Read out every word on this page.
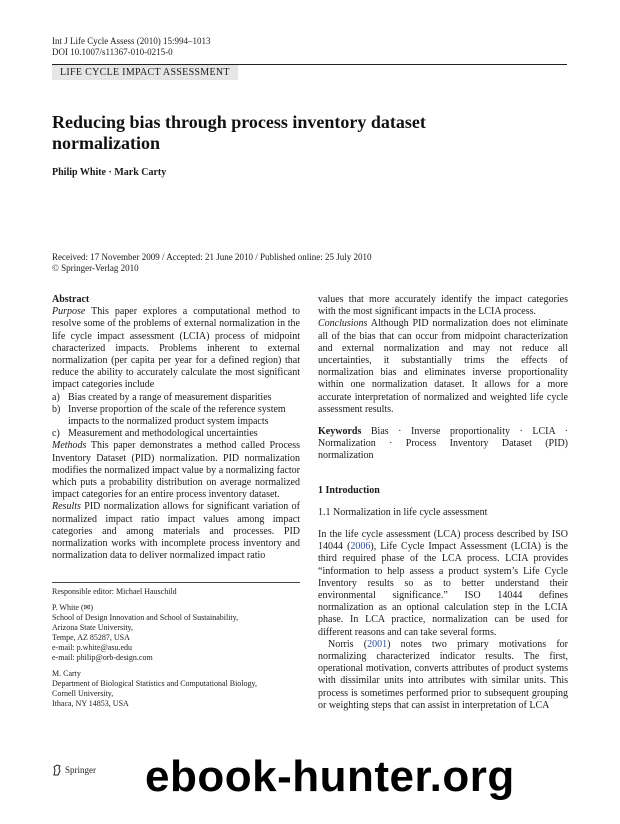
Int J Life Cycle Assess (2010) 15:994–1013
DOI 10.1007/s11367-010-0215-0
LIFE CYCLE IMPACT ASSESSMENT
Reducing bias through process inventory dataset normalization
Philip White · Mark Carty
Received: 17 November 2009 / Accepted: 21 June 2010 / Published online: 25 July 2010
© Springer-Verlag 2010

Abstract

Purpose This paper explores a computational method to resolve some of the problems of external normalization in the life cycle impact assessment (LCIA) process of midpoint characterized impacts. Problems inherent to external normalization (per capita per year for a defined region) that reduce the ability to accurately calculate the most significant impact categories include

a) Bias created by a range of measurement disparities
b) Inverse proportion of the scale of the reference system impacts to the normalized product system impacts
c) Measurement and methodological uncertainties

Methods This paper demonstrates a method called Process Inventory Dataset (PID) normalization. PID normalization modifies the normalized impact value by a normalizing factor which puts a probability distribution on average normalized impact categories for an entire process inventory dataset.

Results PID normalization allows for significant variation of normalized impact ratio impact values among impact categories and among materials and processes. PID normalization works with incomplete process inventory and normalization data to deliver normalized impact ratio

Responsible editor: Michael Hauschild

P. White (✉)

School of Design Innovation and School of Sustainability,

Arizona State University,

Tempe, AZ 85287, USA

e-mail: p.white@asu.edu

e-mail: philip@orb-design.com

M. Carty

Department of Biological Statistics and Computational Biology,

Cornell University,

Ithaca, NY 14853, USA

values that more accurately identify the impact categories with the most significant impacts in the LCIA process.

Conclusions Although PID normalization does not eliminate all of the bias that can occur from midpoint characterization and external normalization and may not reduce all uncertainties, it substantially trims the effects of normalization bias and eliminates inverse proportionality within one normalization dataset. It allows for a more accurate interpretation of normalized and weighted life cycle assessment results.

Keywords Bias · Inverse proportionality · LCIA · Normalization · Process Inventory Dataset (PID) normalization

1 Introduction

1.1 Normalization in life cycle assessment

In the life cycle assessment (LCA) process described by ISO 14044 (2006), Life Cycle Impact Assessment (LCIA) is the third required phase of the LCA process. LCIA provides “information to help assess a product system’s Life Cycle Inventory results so as to better understand their environmental significance.” ISO 14044 defines normalization as an optional calculation step in the LCIA phase. In LCA practice, normalization can be used for different reasons and can take several forms.

Norris (2001) notes two primary motivations for normalizing characterized indicator results. The first, operational motivation, converts attributes of product systems with dissimilar units into attributes with similar units. This process is sometimes performed prior to subsequent grouping or weighting steps that can assist in interpretation of LCA

Springer ebook-hunter.org
